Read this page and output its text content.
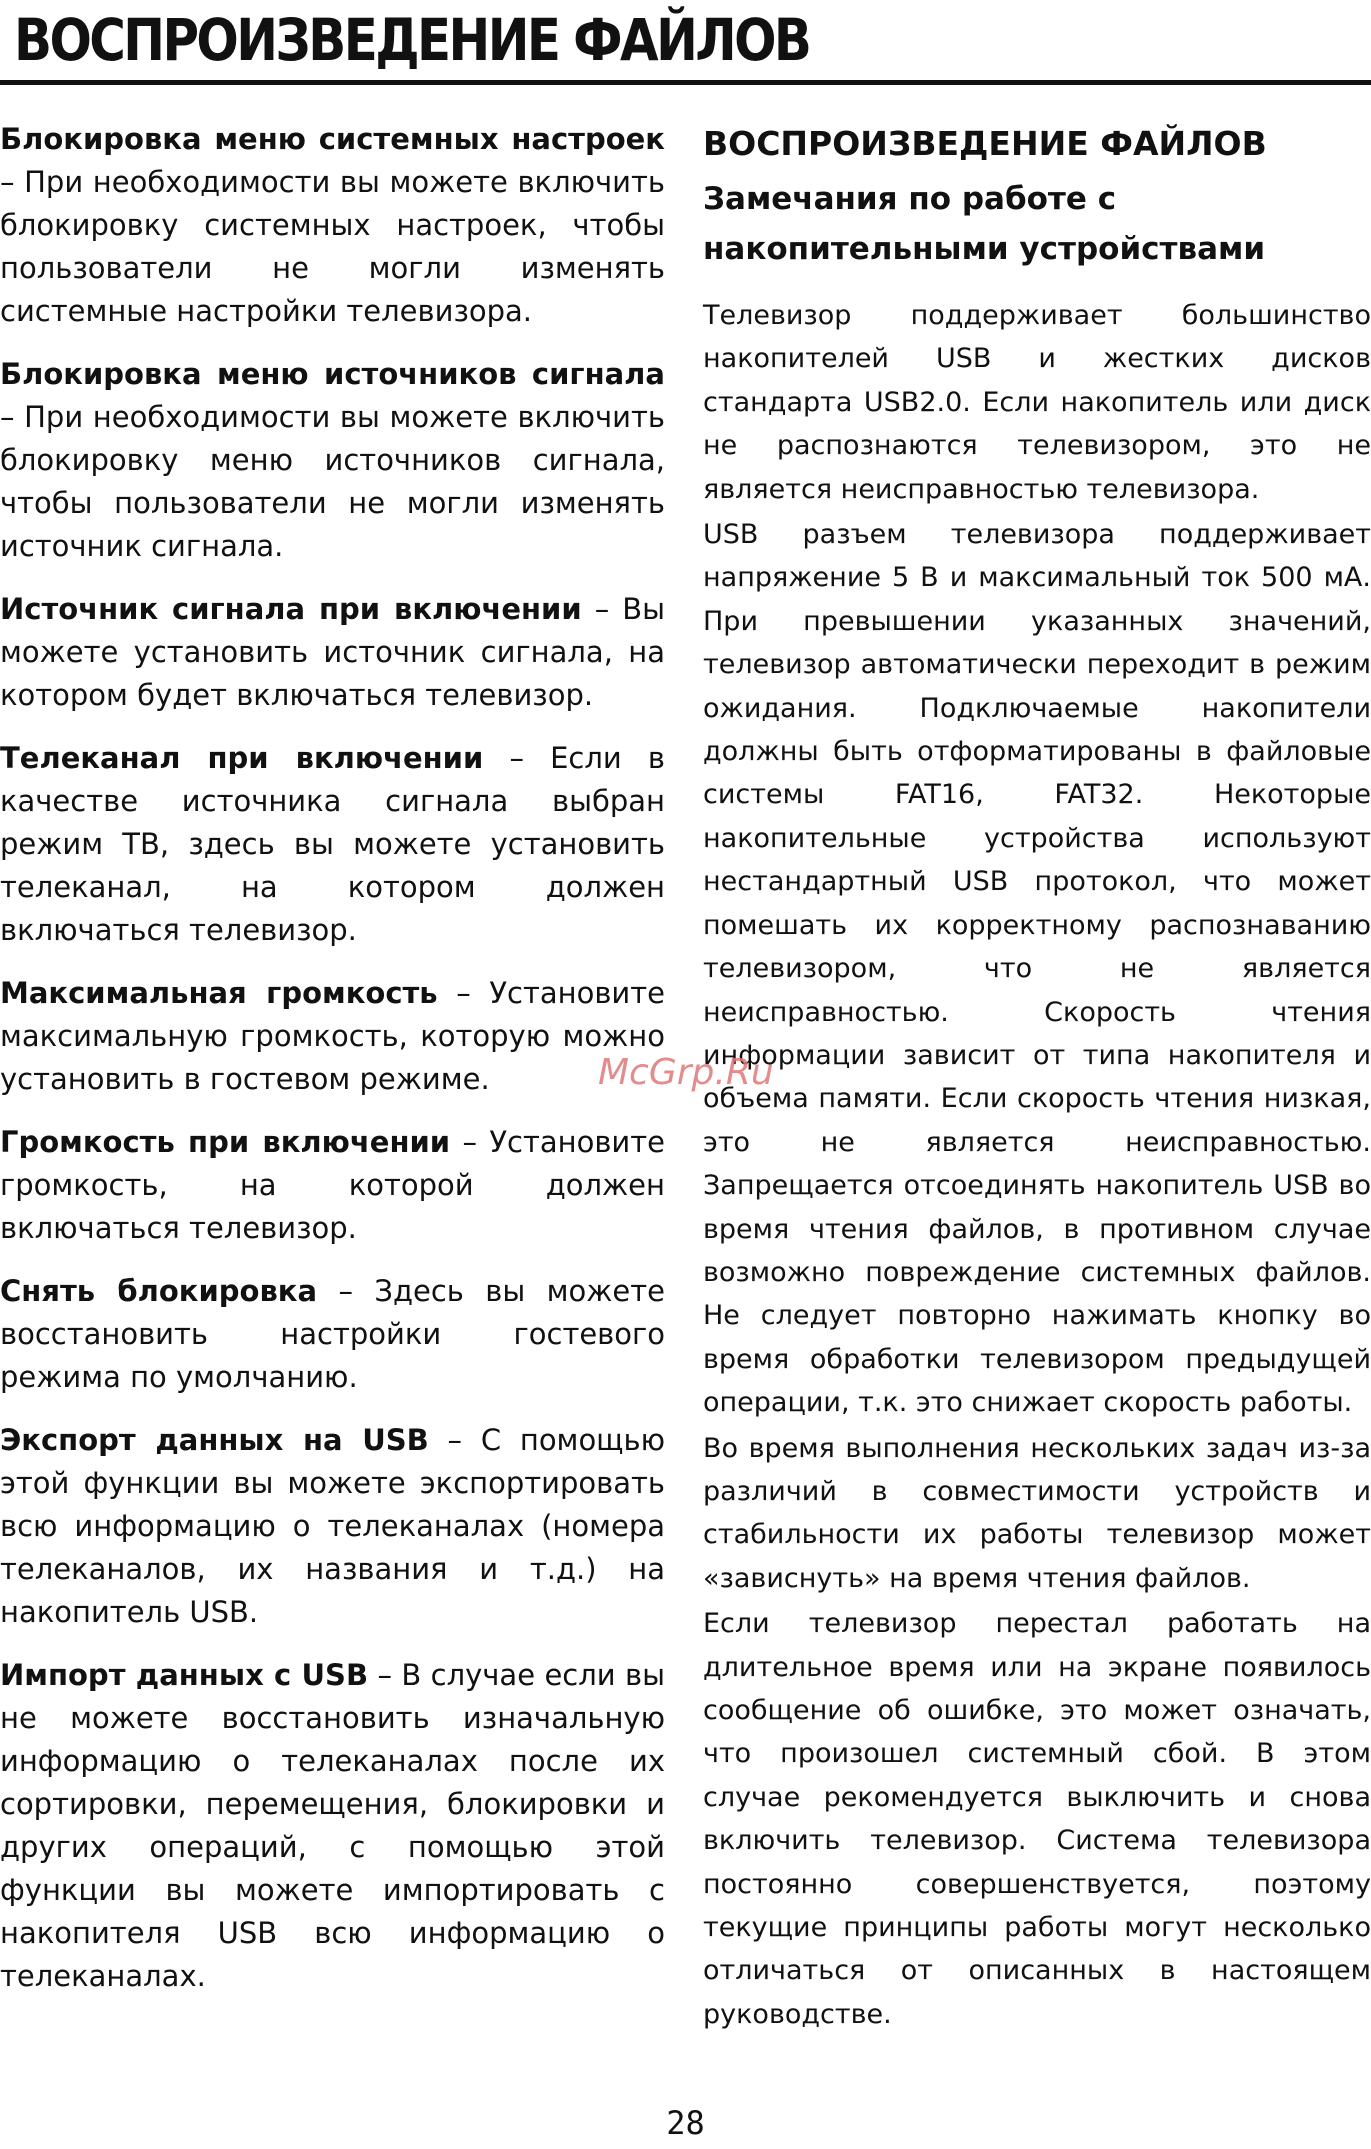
ВОСПРОИЗВЕДЕНИЕ ФАЙЛОВ

Блокировка меню системных настроек – При необходимости вы можете включить блокировку системных настроек, чтобы пользователи не могли изменять системные настройки телевизора.

Блокировка меню источников сигнала – При необходимости вы можете включить блокировку меню источников сигнала, чтобы пользователи не могли изменять источник сигнала.

Источник сигнала при включении – Вы можете установить источник сигнала, на котором будет включаться телевизор.

Телеканал при включении – Если в качестве источника сигнала выбран режим ТВ, здесь вы можете установить телеканал, на котором должен включаться телевизор.

Максимальная громкость – Установите максимальную громкость, которую можно установить в гостевом режиме.

Громкость при включении – Установите громкость, на которой должен включаться телевизор.

Снять блокировка – Здесь вы можете восстановить настройки гостевого режима по умолчанию.

Экспорт данных на USB – С помощью этой функции вы можете экспортировать всю информацию о телеканалах (номера телеканалов, их названия и т.д.) на накопитель USB.

Импорт данных с USB – В случае если вы не можете восстановить изначальную информацию о телеканалах после их сортировки, перемещения, блокировки и других операций, с помощью этой функции вы можете импортировать с накопителя USB всю информацию о телеканалах.

ВОСПРОИЗВЕДЕНИЕ ФАЙЛОВ
Замечания по работе с накопительными устройствами

Телевизор поддерживает большинство накопителей USB и жестких дисков стандарта USB2.0. Если накопитель или диск не распознаются телевизором, это не является неисправностью телевизора.

USB разъем телевизора поддерживает напряжение 5 В и максимальный ток 500 мА. При превышении указанных значений, телевизор автоматически переходит в режим ожидания. Подключаемые накопители должны быть отформатированы в файловые системы FAT16, FAT32. Некоторые накопительные устройства используют нестандартный USB протокол, что может помешать их корректному распознаванию телевизором, что не является неисправностью. Скорость чтения информации зависит от типа накопителя и объема памяти. Если скорость чтения низкая, это не является неисправностью. Запрещается отсоединять накопитель USB во время чтения файлов, в противном случае возможно повреждение системных файлов. Не следует повторно нажимать кнопку во время обработки телевизором предыдущей операции, т.к. это снижает скорость работы.

Во время выполнения нескольких задач из-за различий в совместимости устройств и стабильности их работы телевизор может «зависнуть» на время чтения файлов.

Если телевизор перестал работать на длительное время или на экране появилось сообщение об ошибке, это может означать, что произошел системный сбой. В этом случае рекомендуется выключить и снова включить телевизор. Система телевизора постоянно совершенствуется, поэтому текущие принципы работы могут несколько отличаться от описанных в настоящем руководстве.

McGrp.Ru
28
